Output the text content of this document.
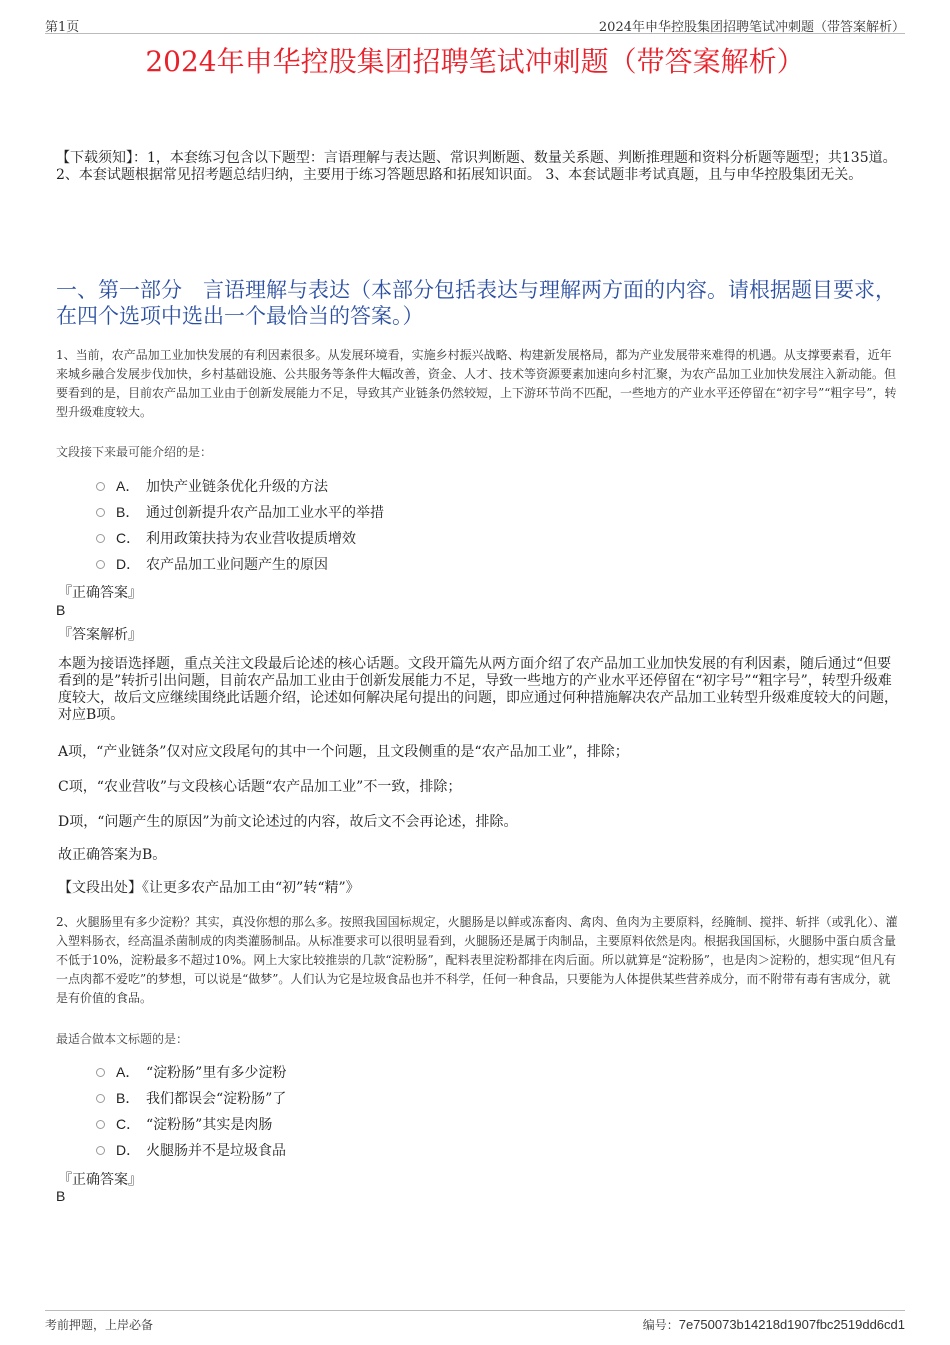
第1页	2024年申华控股集团招聘笔试冲刺题（带答案解析）
2024年申华控股集团招聘笔试冲刺题（带答案解析）
【下载须知】：1，本套练习包含以下题型：言语理解与表达题、常识判断题、数量关系题、判断推理题和资料分析题等题型；共135道。 2、本套试题根据常见招考题总结归纳，主要用于练习答题思路和拓展知识面。 3、本套试题非考试真题，且与申华控股集团无关。
一、第一部分　言语理解与表达（本部分包括表达与理解两方面的内容。请根据题目要求，在四个选项中选出一个最恰当的答案。）
1、当前，农产品加工业加快发展的有利因素很多。从发展环境看，实施乡村振兴战略、构建新发展格局，都为产业发展带来难得的机遇。从支撑要素看，近年来城乡融合发展步伐加快，乡村基础设施、公共服务等条件大幅改善，资金、人才、技术等资源要素加速向乡村汇聚，为农产品加工业加快发展注入新动能。但要看到的是，目前农产品加工业由于创新发展能力不足，导致其产业链条仍然较短，上下游环节尚不匹配，一些地方的产业水平还停留在“初字号”“粗字号”，转型升级难度较大。
文段接下来最可能介绍的是：
A． 加快产业链条优化升级的方法
B． 通过创新提升农产品加工业水平的举措
C． 利用政策扶持为农业营收提质增效
D． 农产品加工业问题产生的原因
『正确答案』
B
『答案解析』
本题为接语选择题，重点关注文段最后论述的核心话题。文段开篇先从两方面介绍了农产品加工业加快发展的有利因素，随后通过“但要看到的是”转折引出问题，目前农产品加工业由于创新发展能力不足，导致一些地方的产业水平还停留在“初字号”“粗字号”，转型升级难度较大，故后文应继续围绕此话题介绍，论述如何解决尾句提出的问题，即应通过何种措施解决农产品加工业转型升级难度较大的问题，对应B项。
A项，“产业链条”仅对应文段尾句的其中一个问题，且文段侧重的是“农产品加工业”，排除；
C项，“农业营收”与文段核心话题“农产品加工业”不一致，排除；
D项，“问题产生的原因”为前文论述过的内容，故后文不会再论述，排除。
故正确答案为B。
【文段出处】《让更多农产品加工由“初”转“精”》
2、火腿肠里有多少淀粉？其实，真没你想的那么多。按照我国国标规定，火腿肠是以鲜或冻畜肉、禽肉、鱼肉为主要原料，经腌制、搅拌、斩拌（或乳化）、灌入塑料肠衣，经高温杀菌制成的肉类灌肠制品。从标准要求可以很明显看到，火腿肠还是属于肉制品，主要原料依然是肉。根据我国国标，火腿肠中蛋白质含量不低于10%，淀粉最多不超过10%。网上大家比较推崇的几款“淀粉肠”，配料表里淀粉都排在肉后面。所以就算是“淀粉肠”，也是肉＞淀粉的，想实现“但凡有一点肉都不爱吃”的梦想，可以说是“做梦”。人们认为它是垃圾食品也并不科学，任何一种食品，只要能为人体提供某些营养成分，而不附带有毒有害成分，就是有价值的食品。
最适合做本文标题的是：
A． “淀粉肠”里有多少淀粉
B． 我们都误会“淀粉肠”了
C． “淀粉肠”其实是肉肠
D． 火腿肠并不是垃圾食品
『正确答案』
B
考前押题，上岸必备	编号：7e750073b14218d1907fbc2519dd6cd1
